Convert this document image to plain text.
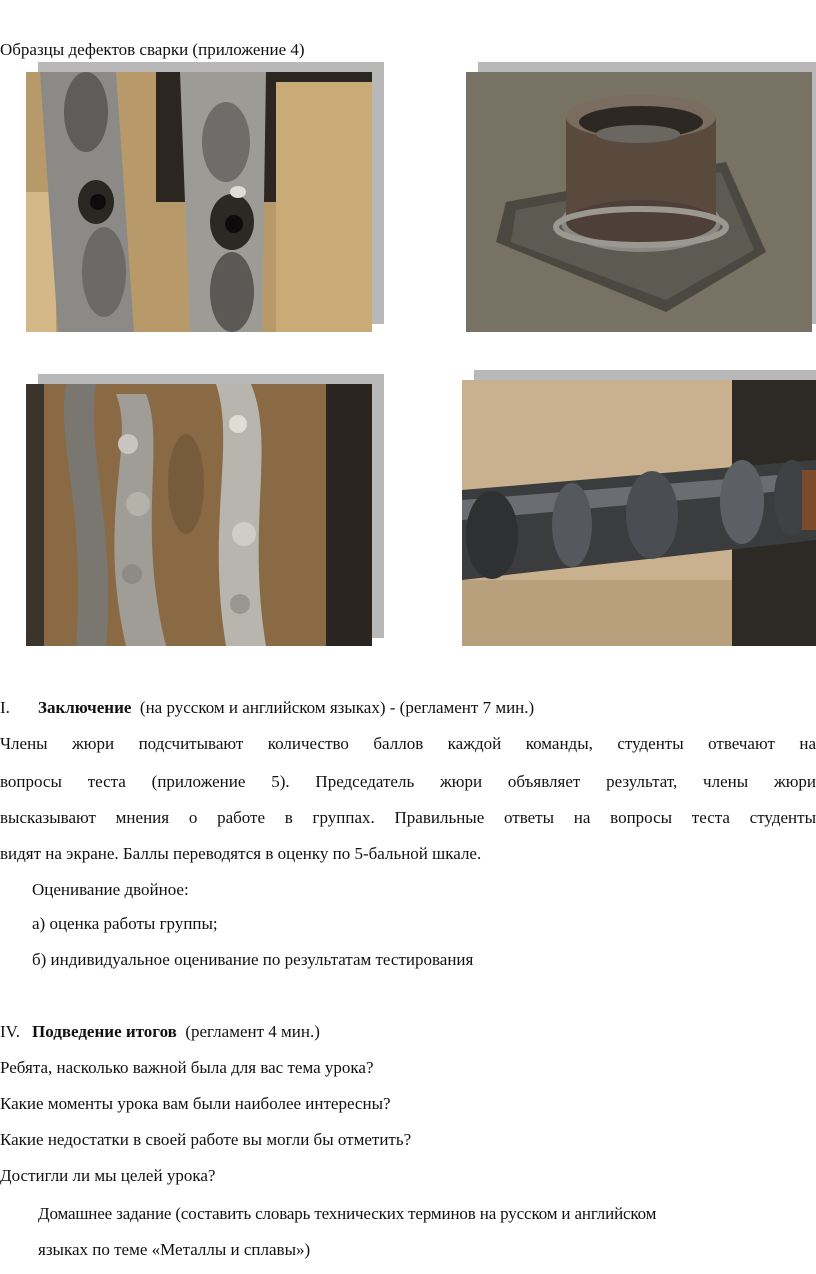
Образцы дефектов сварки (приложение 4)
I. Заключение (на русском и английском языках) - (регламент 7 мин.)
Члены жюри подсчитывают количество баллов каждой команды, студенты отвечают на
вопросы теста (приложение 5). Председатель жюри объявляет результат, члены жюри
высказывают мнения о работе в группах. Правильные ответы на вопросы теста студенты
видят на экране. Баллы переводятся в оценку по 5-бальной шкале.
Оценивание двойное:
а) оценка работы группы;
б) индивидуальное оценивание по результатам тестирования
IV. Подведение итогов (регламент 4 мин.)
Ребята, насколько важной была для вас тема урока?
Какие моменты урока вам были наиболее интересны?
Какие недостатки в своей работе вы могли бы отметить?
Достигли ли мы целей урока?
Домашнее задание (составить словарь технических терминов на русском и английском
языках по теме «Металлы и сплавы»)
